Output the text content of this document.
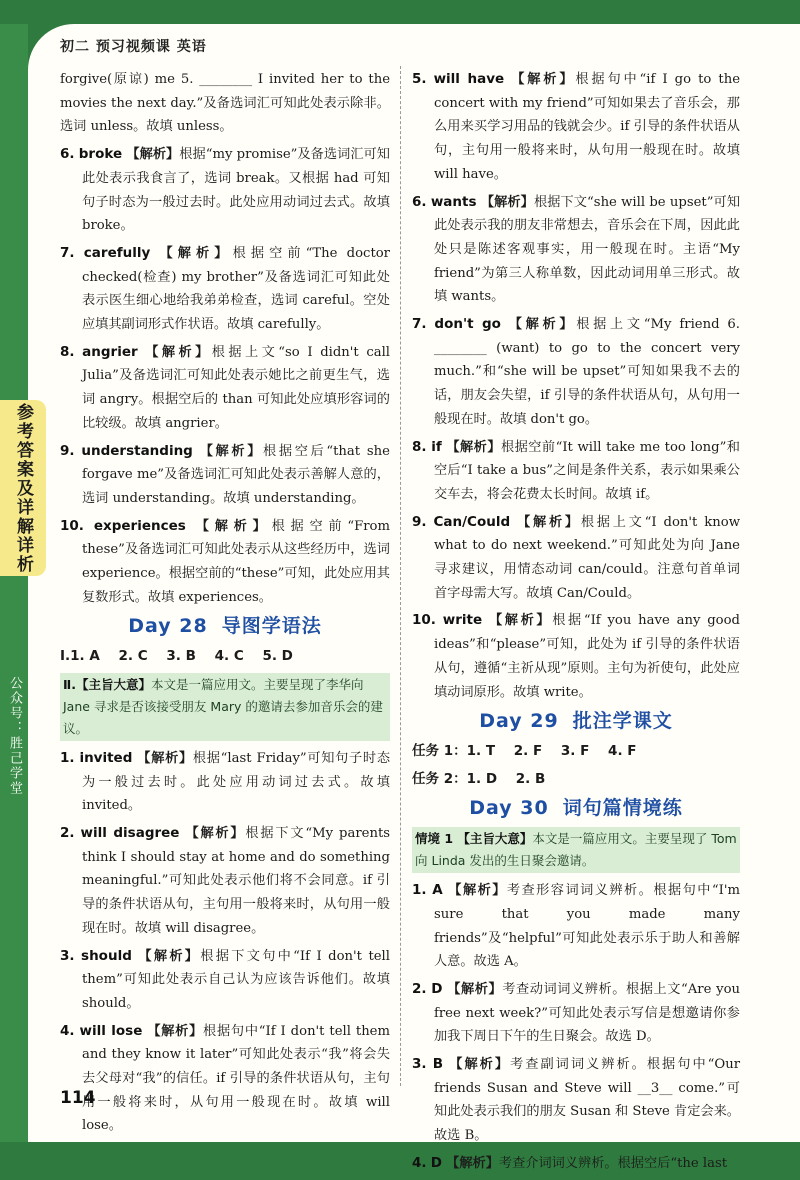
初二 预习视频课 英语
参考答案及详解详析
公众号：胜己学堂
forgive(原谅) me 5. ________ I invited her to the movies the next day.”及备选词汇可知此处表示除非。选词 unless。故填 unless。
6. broke 【解析】根据“my promise”及备选词汇可知此处表示我食言了，选词 break。又根据 had 可知句子时态为一般过去时。此处应用动词过去式。故填 broke。
7. carefully 【解析】根据空前“The doctor checked(检查) my brother”及备选词汇可知此处表示医生细心地给我弟弟检查，选词 careful。空处应填其副词形式作状语。故填 carefully。
8. angrier 【解析】根据上文“so I didn't call Julia”及备选词汇可知此处表示她比之前更生气，选词 angry。根据空后的 than 可知此处应填形容词的比较级。故填 angrier。
9. understanding 【解析】根据空后“that she forgave me”及备选词汇可知此处表示善解人意的，选词 understanding。故填 understanding。
10. experiences 【解析】根据空前“From these”及备选词汇可知此处表示从这些经历中，选词 experience。根据空前的“these”可知，此处应用其复数形式。故填 experiences。
Day 28 导图学语法
Ⅰ.1. A 2. C 3. B 4. C 5. D
Ⅱ.【主旨大意】本文是一篇应用文。主要呈现了李华向 Jane 寻求是否该接受朋友 Mary 的邀请去参加音乐会的建议。
1. invited 【解析】根据“last Friday”可知句子时态为一般过去时。此处应用动词过去式。故填 invited。
2. will disagree 【解析】根据下文“My parents think I should stay at home and do something meaningful.”可知此处表示他们将不会同意。if 引导的条件状语从句，主句用一般将来时，从句用一般现在时。故填 will disagree。
3. should 【解析】根据下文句中“If I don't tell them”可知此处表示自己认为应该告诉他们。故填 should。
4. will lose 【解析】根据句中“If I don't tell them and they know it later”可知此处表示“我”将会失去父母对“我”的信任。if 引导的条件状语从句，主句用一般将来时，从句用一般现在时。故填 will lose。
5. will have 【解析】根据句中“if I go to the concert with my friend”可知如果去了音乐会，那么用来买学习用品的钱就会少。if 引导的条件状语从句，主句用一般将来时，从句用一般现在时。故填 will have。
6. wants 【解析】根据下文“she will be upset”可知此处表示我的朋友非常想去，音乐会在下周，因此此处只是陈述客观事实，用一般现在时。主语“My friend”为第三人称单数，因此动词用单三形式。故填 wants。
7. don't go 【解析】根据上文“My friend 6. ________ (want) to go to the concert very much.”和“she will be upset”可知如果我不去的话，朋友会失望，if 引导的条件状语从句，从句用一般现在时。故填 don't go。
8. if 【解析】根据空前“It will take me too long”和空后“I take a bus”之间是条件关系，表示如果乘公交车去，将会花费太长时间。故填 if。
9. Can/Could 【解析】根据上文“I don't know what to do next weekend.”可知此处为向 Jane 寻求建议，用情态动词 can/could。注意句首单词首字母需大写。故填 Can/Could。
10. write 【解析】根据“If you have any good ideas”和“please”可知，此处为 if 引导的条件状语从句，遵循“主祈从现”原则。主句为祈使句，此处应填动词原形。故填 write。
Day 29 批注学课文
任务 1：1. T 2. F 3. F 4. F
任务 2：1. D 2. B
Day 30 词句篇情境练
情境 1 【主旨大意】本文是一篇应用文。主要呈现了 Tom 向 Linda 发出的生日聚会邀请。
1. A 【解析】考查形容词词义辨析。根据句中“I'm sure that you made many friends”及“helpful”可知此处表示乐于助人和善解人意。故选 A。
2. D 【解析】考查动词词义辨析。根据上文“Are you free next week?”可知此处表示写信是想邀请你参加我下周日下午的生日聚会。故选 D。
3. B 【解析】考查副词词义辨析。根据句中“Our friends Susan and Steve will __3__ come.”可知此处表示我们的朋友 Susan 和 Steve 肯定会来。故选 B。
4. D 【解析】考查介词词义辨析。根据空后“the last
114
